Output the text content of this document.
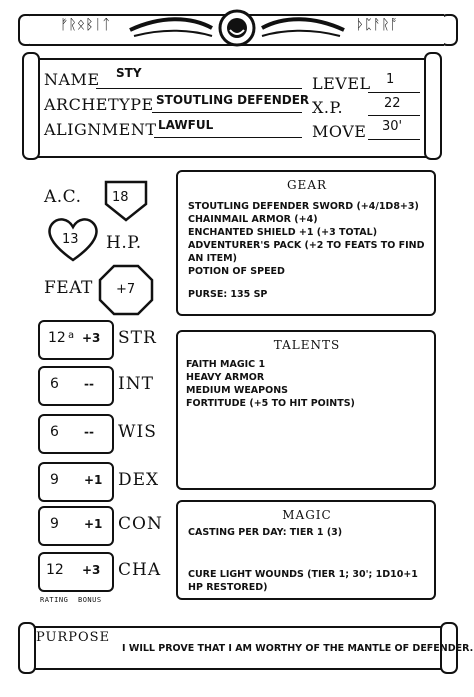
ᚠᚱᛟᛒᛁᛏ	ᚦᛈᚨᚱᚩ
NAME STY
ARCHETYPE STOUTLING DEFENDER
ALIGNMENT LAWFUL
LEVEL 1
X.P.	22
MOVE 30'
A.C. 18
13 H.P.
FEAT +7
12 a +3 STR
6 -- INT
6 -- WIS
9 +1 DEX
9 +1 CON
12 +3 CHA
RATING BONUS
GEAR
STOUTLING DEFENDER SWORD (+4/1D8+3)
CHAINMAIL ARMOR (+4)
ENCHANTED SHIELD +1 (+3 TOTAL)
ADVENTURER'S PACK (+2 TO FEATS TO FIND AN ITEM)
POTION OF SPEED
PURSE: 135 SP
TALENTS
FAITH MAGIC 1
HEAVY ARMOR
MEDIUM WEAPONS
FORTITUDE (+5 TO HIT POINTS)
MAGIC
CASTING PER DAY: TIER 1 (3)
CURE LIGHT WOUNDS (TIER 1; 30'; 1D10+1 HP RESTORED)
PURPOSE
I WILL PROVE THAT I AM WORTHY OF THE MANTLE OF DEFENDER.
